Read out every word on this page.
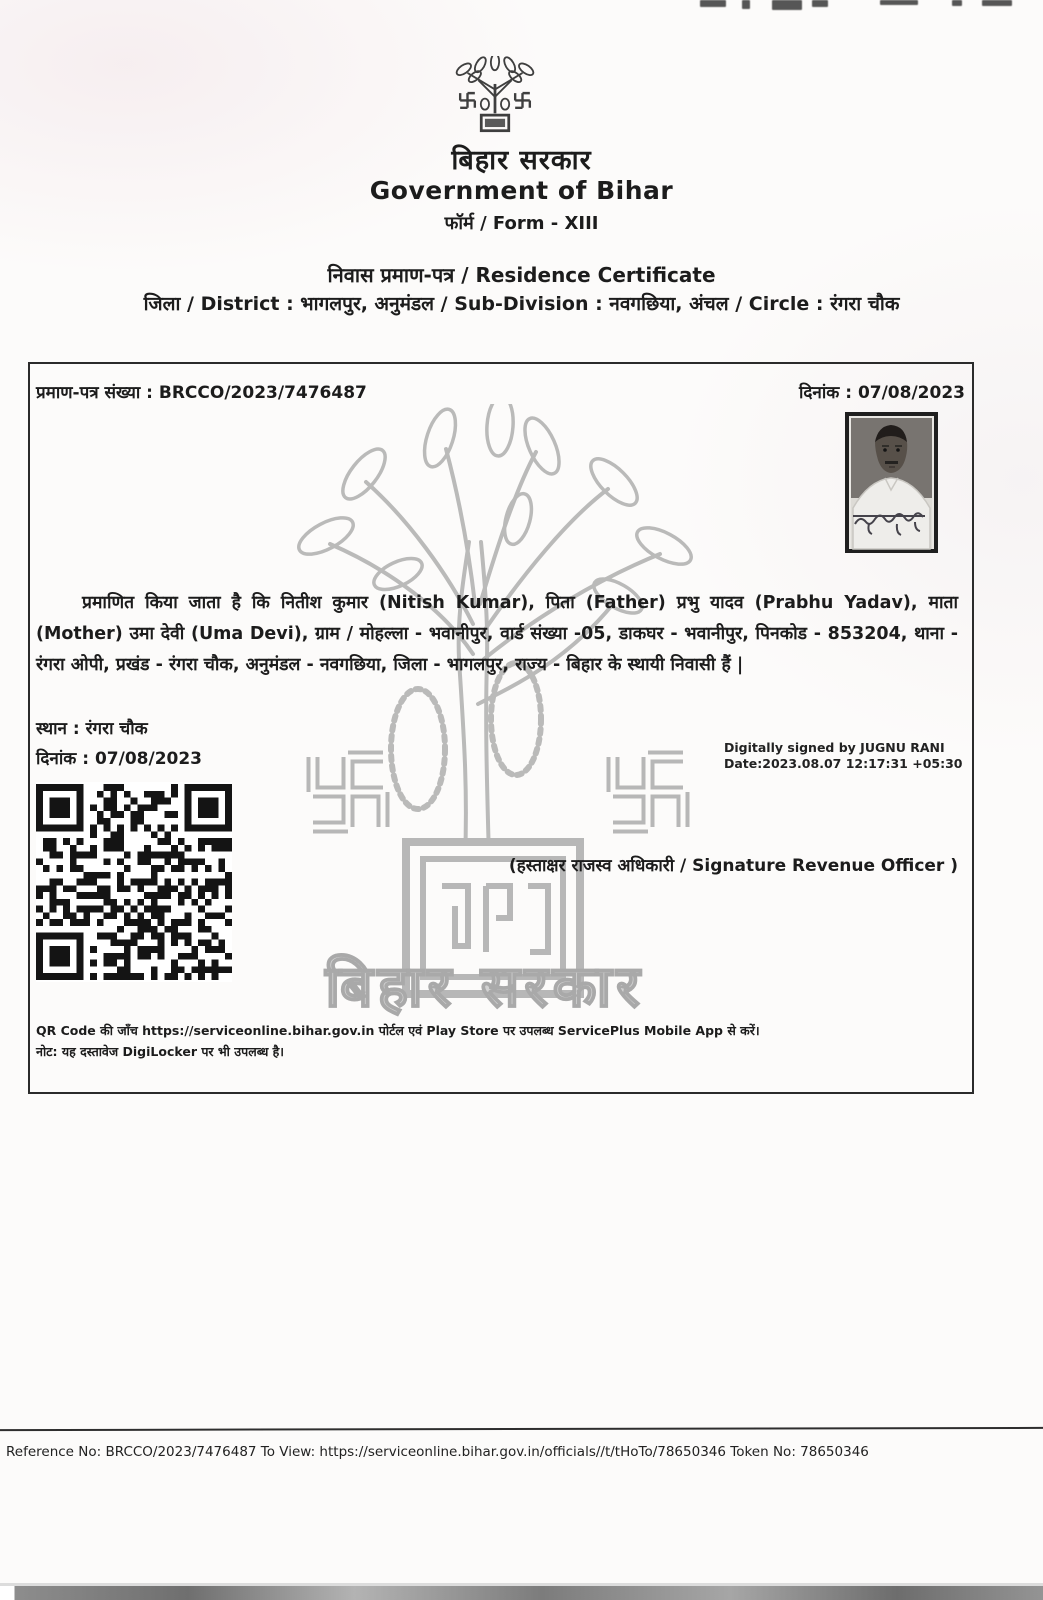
बिहार सरकार
Government of Bihar
फॉर्म / Form - XIII
निवास प्रमाण-पत्र / Residence Certificate
जिला / District : भागलपुर, अनुमंडल / Sub-Division : नवगछिया, अंचल / Circle : रंगरा चौक
बिहार सरकार
प्रमाण-पत्र संख्या : BRCCO/2023/7476487	दिनांक : 07/08/2023
प्रमाणित किया जाता है कि नितीश कुमार (Nitish Kumar), पिता (Father) प्रभु यादव (Prabhu Yadav), माता (Mother) उमा देवी (Uma Devi), ग्राम / मोहल्ला - भवानीपुर, वार्ड संख्या -05, डाकघर - भवानीपुर, पिनकोड - 853204, थाना - रंगरा ओपी, प्रखंड - रंगरा चौक, अनुमंडल - नवगछिया, जिला - भागलपुर, राज्य - बिहार के स्थायी निवासी हैं |
स्थान : रंगरा चौक
दिनांक : 07/08/2023
Digitally signed by JUGNU RANI
Date:2023.08.07 12:17:31 +05:30
(हस्ताक्षर राजस्व अधिकारी / Signature Revenue Officer )
QR Code की जाँच https://serviceonline.bihar.gov.in पोर्टल एवं Play Store पर उपलब्ध ServicePlus Mobile App से करें।
नोट: यह दस्तावेज DigiLocker पर भी उपलब्ध है।
Reference No: BRCCO/2023/7476487 To View: https://serviceonline.bihar.gov.in/officials//t/tHoTo/78650346 Token No: 78650346
